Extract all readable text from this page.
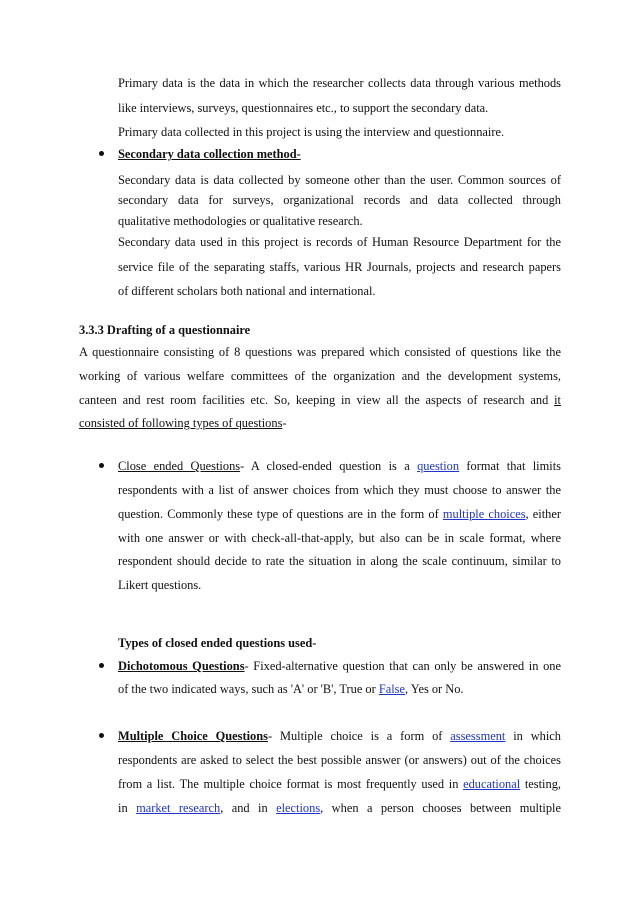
Primary data is the data in which the researcher collects data through various methods
like interviews, surveys, questionnaires etc., to support the secondary data.
Primary data collected in this project is using the interview and questionnaire.
Secondary data collection method-
Secondary data is data collected by someone other than the user. Common sources of
secondary data for surveys, organizational records and data collected through
qualitative methodologies or qualitative research.
Secondary data used in this project is records of Human Resource Department for the
service file of the separating staffs, various HR Journals, projects and research papers
of different scholars both national and international.
3.3.3 Drafting of a questionnaire
A questionnaire consisting of 8 questions was prepared which consisted of questions like the
working of various welfare committees of the organization and the development systems,
canteen and rest room facilities etc. So, keeping in view all the aspects of research and it
consisted of following types of questions-
Close ended Questions- A closed-ended question is a question format that limits
respondents with a list of answer choices from which they must choose to answer the
question. Commonly these type of questions are in the form of multiple choices, either
with one answer or with check-all-that-apply, but also can be in scale format, where
respondent should decide to rate the situation in along the scale continuum, similar to
Likert questions.
Types of closed ended questions used-
Dichotomous Questions- Fixed-alternative question that can only be answered in one
of the two indicated ways, such as 'A' or 'B', True or False, Yes or No.
Multiple Choice Questions- Multiple choice is a form of assessment in which
respondents are asked to select the best possible answer (or answers) out of the choices
from a list. The multiple choice format is most frequently used in educational testing,
in market research, and in elections, when a person chooses between multiple
